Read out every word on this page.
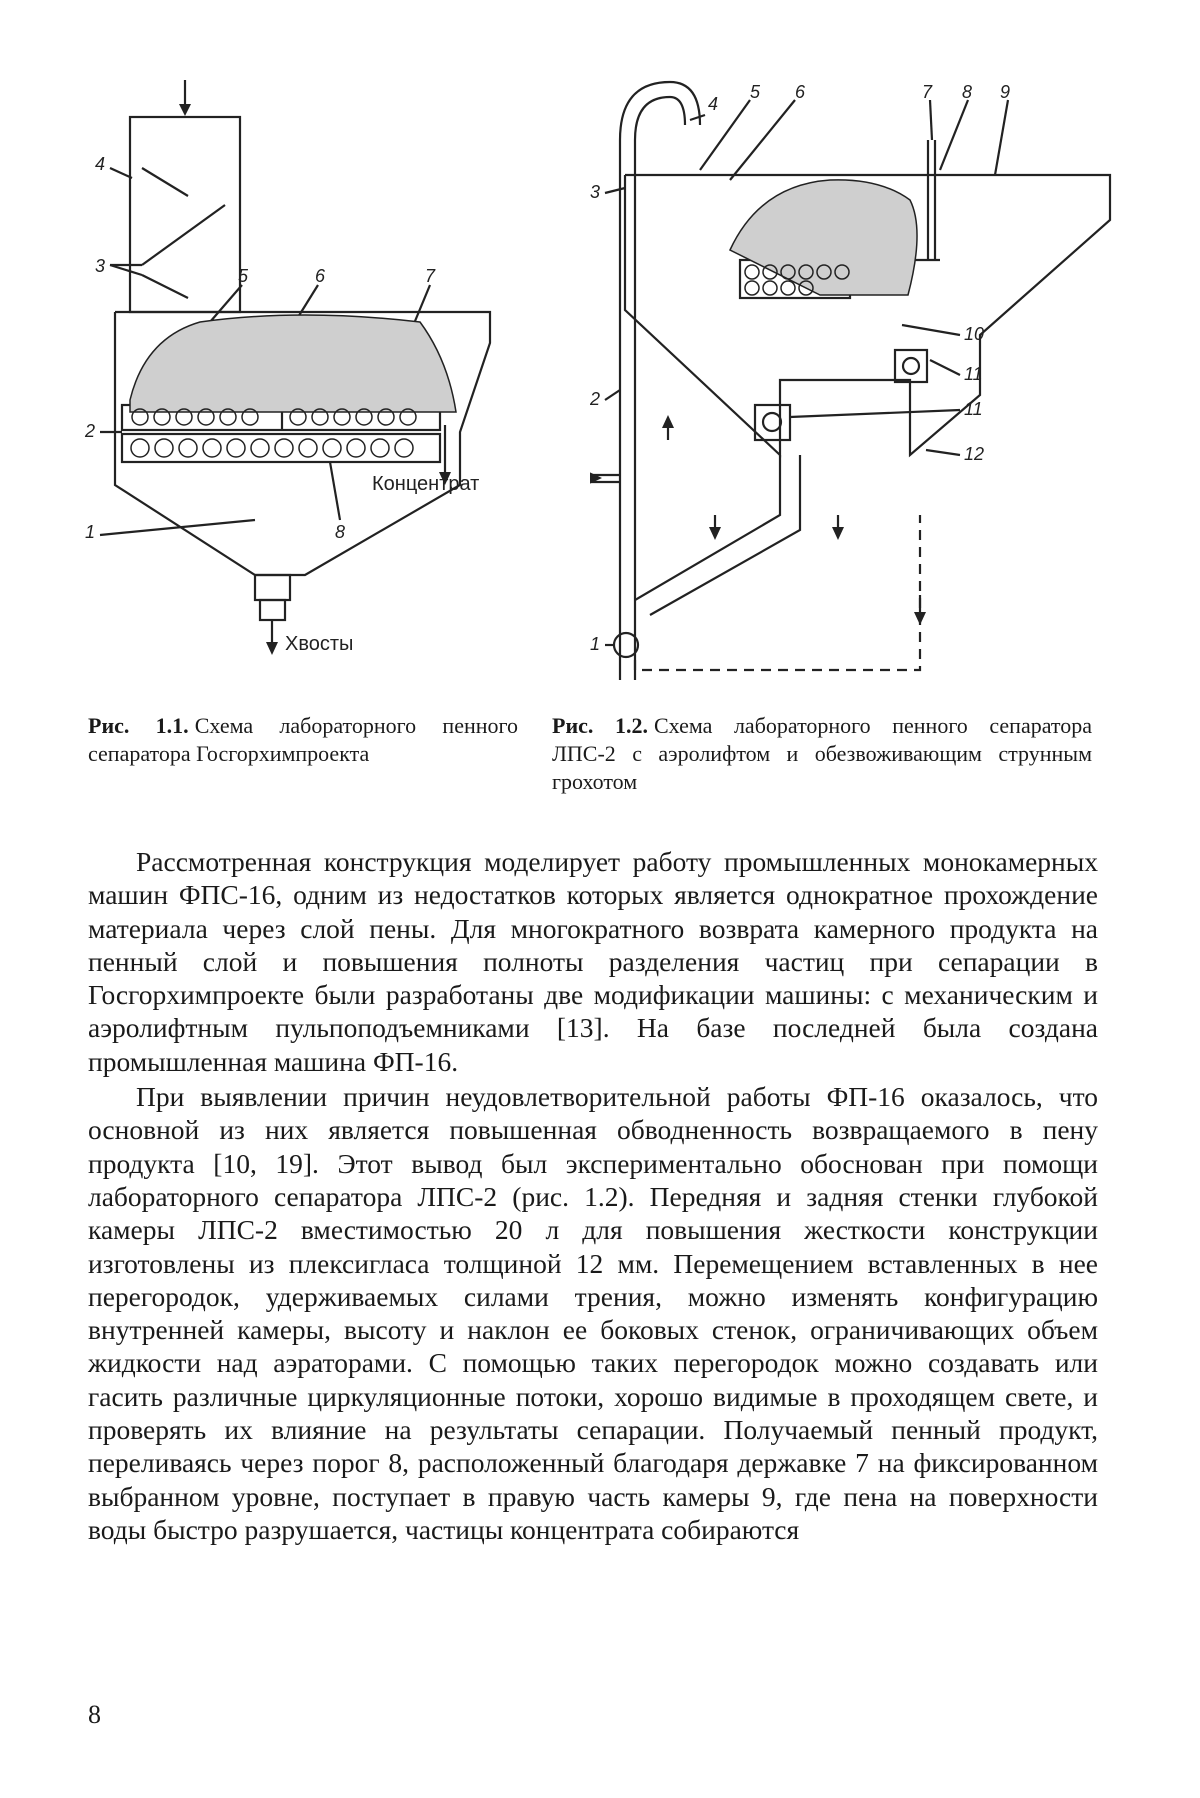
1
2
3
4
5	6	7
8
Концентрат
Хвосты	1
2
3
4
5 6	7 8 9
10
11
11
12
Рис. 1.1. Схема лабораторного пенного сепаратора Госгорхимпроекта
Рис. 1.2. Схема лабораторного пенного сепаратора ЛПС-2 с аэролифтом и обезвоживающим струнным грохотом

Рассмотренная конструкция моделирует работу промышленных монокамерных машин ФПС-16, одним из недостатков которых является однократное прохождение материала через слой пены. Для многократного возврата камерного продукта на пенный слой и повышения полноты разделения частиц при сепарации в Госгорхимпроекте были разработаны две модификации машины: с механическим и аэролифтным пульпоподъемниками [13]. На базе последней была создана промышленная машина ФП-16.

При выявлении причин неудовлетворительной работы ФП-16 оказалось, что основной из них является повышенная обводненность возвращаемого в пену продукта [10, 19]. Этот вывод был экспериментально обоснован при помощи лабораторного сепаратора ЛПС-2 (рис. 1.2). Передняя и задняя стенки глубокой камеры ЛПС-2 вместимостью 20 л для повышения жесткости конструкции изготовлены из плексигласа толщиной 12 мм. Перемещением вставленных в нее перегородок, удерживаемых силами трения, можно изменять конфигурацию внутренней камеры, высоту и наклон ее боковых стенок, ограничивающих объем жидкости над аэраторами. С помощью таких перегородок можно создавать или гасить различные циркуляционные потоки, хорошо видимые в проходящем свете, и проверять их влияние на результаты сепарации. Получаемый пенный продукт, переливаясь через порог 8, расположенный благодаря державке 7 на фиксированном выбранном уровне, поступает в правую часть камеры 9, где пена на поверхности воды быстро разрушается, частицы концентрата собираются

8
